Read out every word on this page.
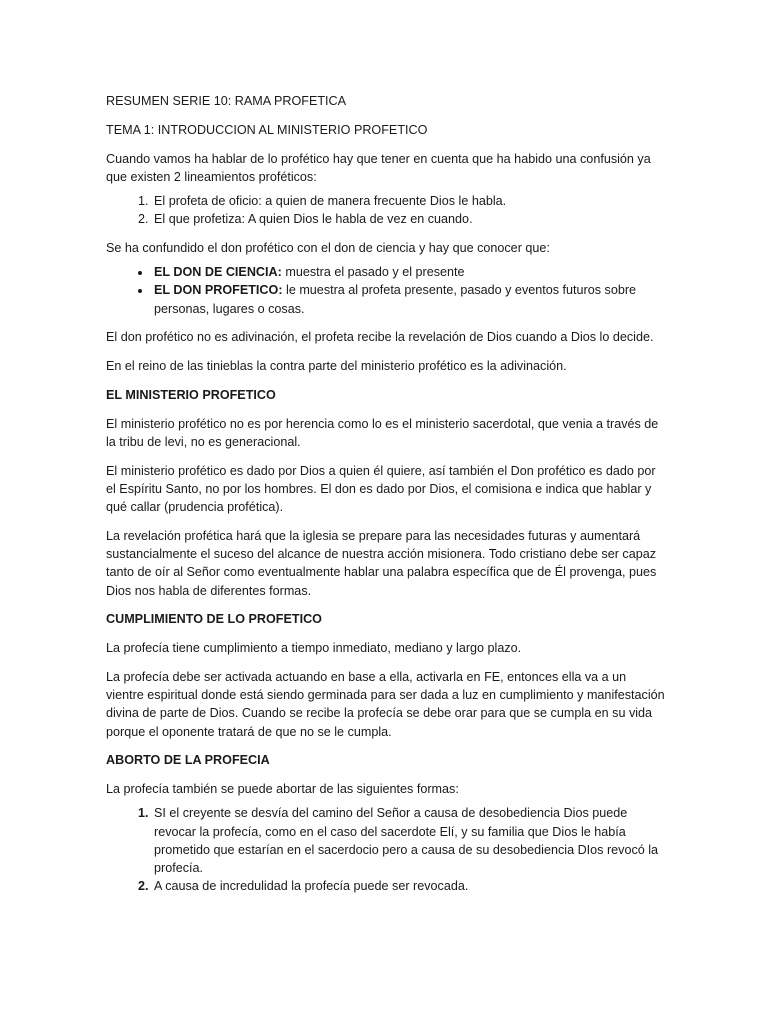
RESUMEN SERIE 10: RAMA PROFETICA

TEMA 1: INTRODUCCION AL MINISTERIO PROFETICO

Cuando vamos ha hablar de lo profético hay que tener en cuenta que ha habido una confusión ya que existen 2 lineamientos proféticos:

1. El profeta de oficio: a quien de manera frecuente Dios le habla.
2. El que profetiza: A quien Dios le habla de vez en cuando.

Se ha confundido el don profético con el don de ciencia y hay que conocer que:

• EL DON DE CIENCIA: muestra el pasado y el presente
• EL DON PROFETICO: le muestra al profeta presente, pasado y eventos futuros sobre personas, lugares o cosas.

El don profético no es adivinación, el profeta recibe la revelación de Dios cuando a Dios lo decide.

En el reino de las tinieblas la contra parte del ministerio profético es la adivinación.

EL MINISTERIO PROFETICO

El ministerio profético no es por herencia como lo es el ministerio sacerdotal, que venia a través de la tribu de levi, no es generacional.

El ministerio profético es dado por Dios a quien él quiere, así también el Don profético es dado por el Espíritu Santo, no por los hombres. El don es dado por Dios, el comisiona e indica que hablar y qué callar (prudencia profética).

La revelación profética hará que la iglesia se prepare para las necesidades futuras y aumentará sustancialmente el suceso del alcance de nuestra acción misionera. Todo cristiano debe ser capaz tanto de oír al Señor como eventualmente hablar una palabra específica que de Él provenga, pues Dios nos habla de diferentes formas.

CUMPLIMIENTO DE LO PROFETICO

La profecía tiene cumplimiento a tiempo inmediato, mediano y largo plazo.

La profecía debe ser activada actuando en base a ella, activarla en FE, entonces ella va a un vientre espiritual donde está siendo germinada para ser dada a luz en cumplimiento y manifestación divina de parte de Dios. Cuando se recibe la profecía se debe orar para que se cumpla en su vida porque el oponente tratará de que no se le cumpla.

ABORTO DE LA PROFECIA

La profecía también se puede abortar de las siguientes formas:

1. SI el creyente se desvía del camino del Señor a causa de desobediencia Dios puede revocar la profecía, como en el caso del sacerdote Elí, y su familia que Dios le había prometido que estarían en el sacerdocio pero a causa de su desobediencia DIos revocó la profecía.
2. A causa de incredulidad la profecía puede ser revocada.
